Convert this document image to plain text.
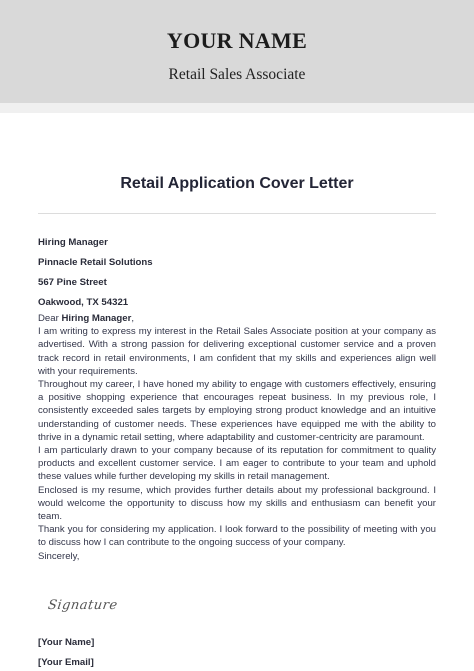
YOUR NAME
Retail Sales Associate
Retail Application Cover Letter
Hiring Manager
Pinnacle Retail Solutions
567 Pine Street
Oakwood, TX 54321

Dear Hiring Manager,

I am writing to express my interest in the Retail Sales Associate position at your company as advertised. With a strong passion for delivering exceptional customer service and a proven track record in retail environments, I am confident that my skills and experiences align well with your requirements.

Throughout my career, I have honed my ability to engage with customers effectively, ensuring a positive shopping experience that encourages repeat business. In my previous role, I consistently exceeded sales targets by employing strong product knowledge and an intuitive understanding of customer needs. These experiences have equipped me with the ability to thrive in a dynamic retail setting, where adaptability and customer-centricity are paramount.

I am particularly drawn to your company because of its reputation for commitment to quality products and excellent customer service. I am eager to contribute to your team and uphold these values while further developing my skills in retail management.

Enclosed is my resume, which provides further details about my professional background. I would welcome the opportunity to discuss how my skills and enthusiasm can benefit your team.

Thank you for considering my application. I look forward to the possibility of meeting with you to discuss how I can contribute to the ongoing success of your company.

Sincerely,

Signature
[Your Name]
[Your Email]
